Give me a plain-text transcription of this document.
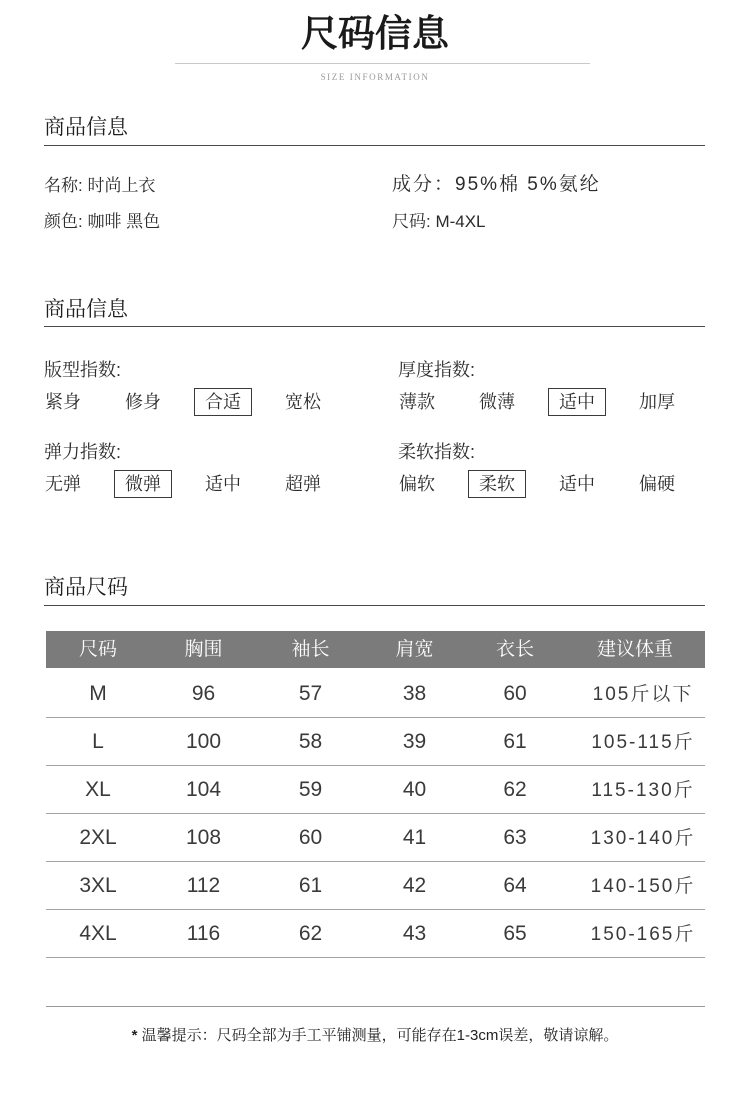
尺码信息
SIZE INFORMATION
商品信息
名称: 时尚上衣
颜色: 咖啡 黑色
成分：95%棉 5%氨纶
尺码: M-4XL
商品信息
版型指数:
紧身	修身	合适	宽松
厚度指数:
薄款	微薄	适中	加厚
弹力指数:
无弹	微弹	适中	超弹
柔软指数:
偏软	柔软	适中	偏硬
商品尺码
尺码	胸围	袖长	肩宽	衣长	建议体重
M	96	57	38	60	105斤以下
L	100	58	39	61	105-115斤
XL	104	59	40	62	115-130斤
2XL	108	60	41	63	130-140斤
3XL	112	61	42	64	140-150斤
4XL	116	62	43	65	150-165斤
* 温馨提示：尺码全部为手工平铺测量，可能存在1-3cm误差，敬请谅解。
